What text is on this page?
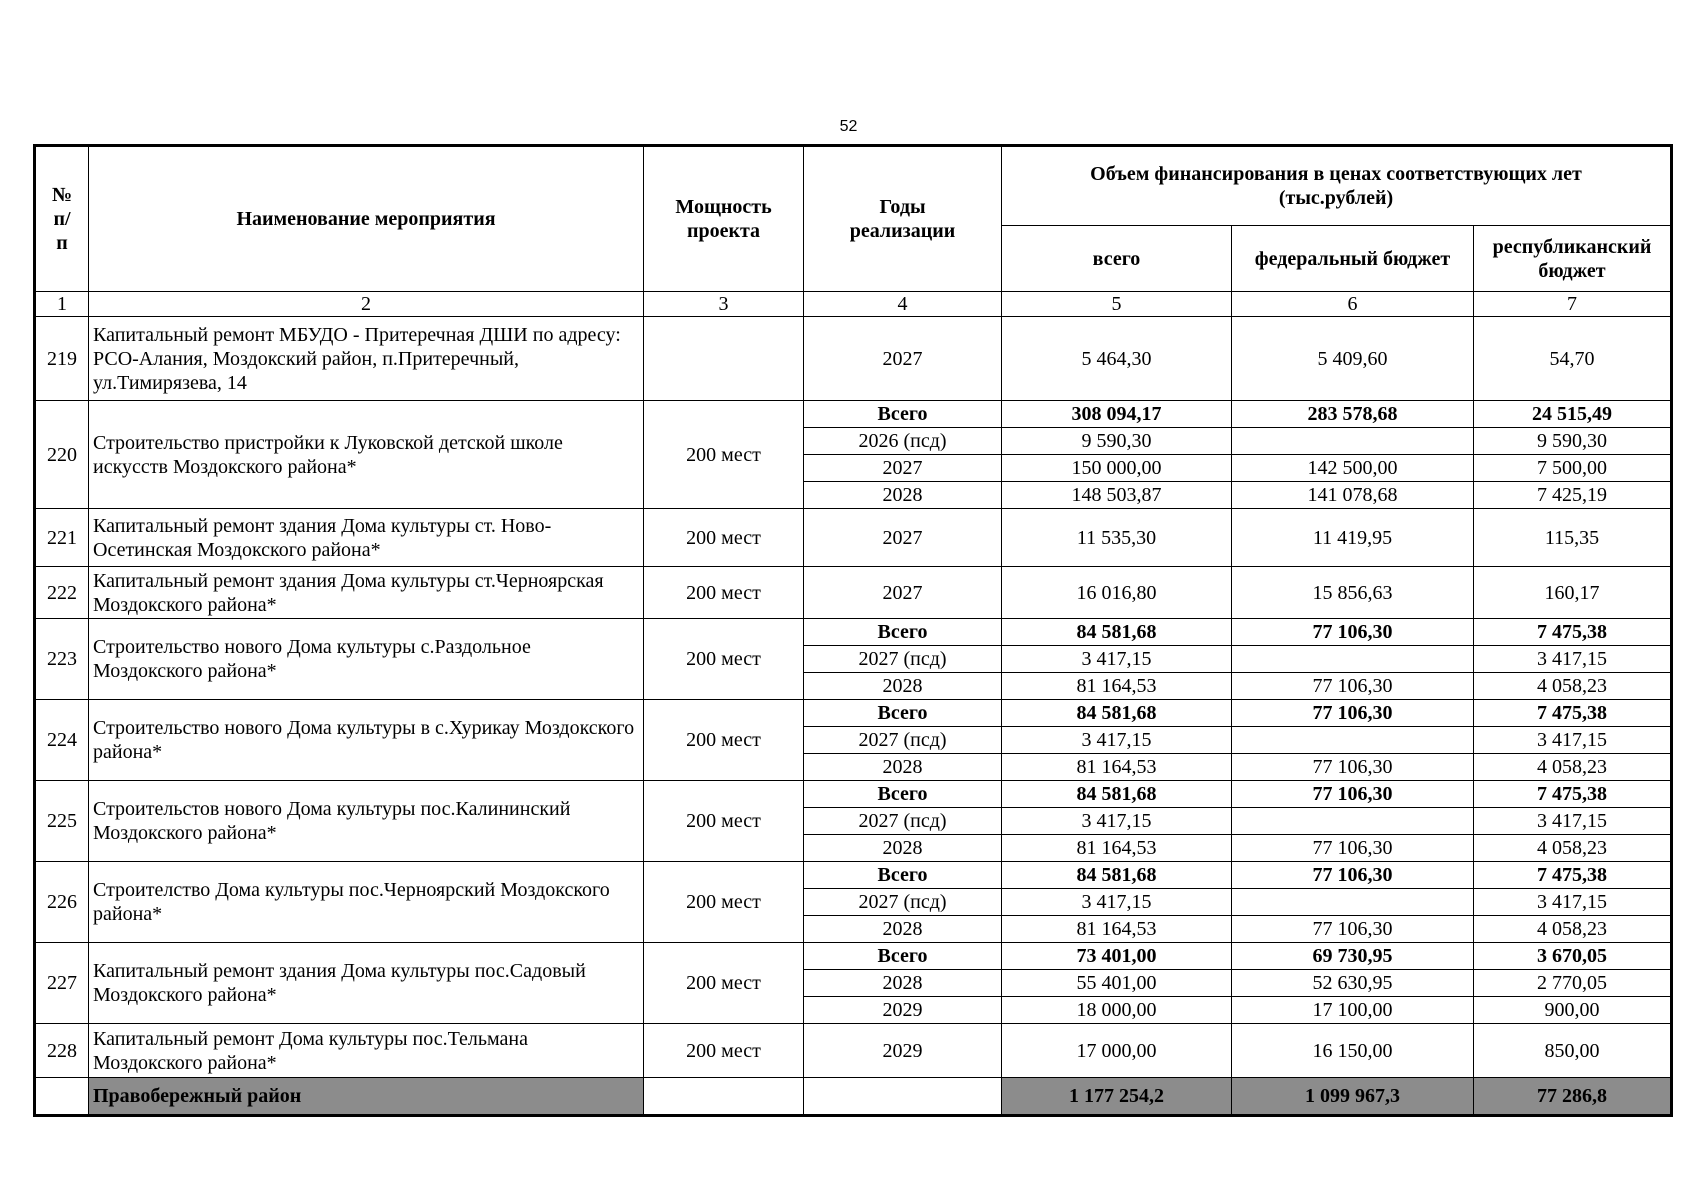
52
№ п/п	Наименование мероприятия	Мощность проекта	Годы реализации	Объем финансирования в ценах соответствующих лет (тыс.рублей)		
				всего	федеральный бюджет	республиканский бюджет
1	2	3	4	5	6	7
219	Капитальный ремонт МБУДО - Притеречная ДШИ по адресу: РСО-Алания, Моздокский район, п.Притеречный, ул.Тимирязева, 14		2027	5 464,30	5 409,60	54,70
220	Строительство пристройки к Луковской детской школе искусств Моздокского района*	200 мест	Всего	308 094,17	283 578,68	24 515,49
			2026 (псд)	9 590,30		9 590,30
			2027	150 000,00	142 500,00	7 500,00
			2028	148 503,87	141 078,68	7 425,19
221	Капитальный ремонт здания Дома культуры ст. Ново-Осетинская Моздокского района*	200 мест	2027	11 535,30	11 419,95	115,35
222	Капитальный ремонт здания Дома культуры ст.Черноярская Моздокского района*	200 мест	2027	16 016,80	15 856,63	160,17
223	Строительство нового Дома культуры с.Раздольное Моздокского района*	200 мест	Всего	84 581,68	77 106,30	7 475,38
			2027 (псд)	3 417,15		3 417,15
			2028	81 164,53	77 106,30	4 058,23
224	Строительство нового Дома культуры в с.Хурикау Моздокского района*	200 мест	Всего	84 581,68	77 106,30	7 475,38
			2027 (псд)	3 417,15		3 417,15
			2028	81 164,53	77 106,30	4 058,23
225	Строительстов нового Дома культуры пос.Калининский Моздокского района*	200 мест	Всего	84 581,68	77 106,30	7 475,38
			2027 (псд)	3 417,15		3 417,15
			2028	81 164,53	77 106,30	4 058,23
226	Строителство Дома культуры пос.Черноярский Моздокского района*	200 мест	Всего	84 581,68	77 106,30	7 475,38
			2027 (псд)	3 417,15		3 417,15
			2028	81 164,53	77 106,30	4 058,23
227	Капитальный ремонт здания Дома культуры пос.Садовый Моздокского района*	200 мест	Всего	73 401,00	69 730,95	3 670,05
			2028	55 401,00	52 630,95	2 770,05
			2029	18 000,00	17 100,00	900,00
228	Капитальный ремонт Дома культуры пос.Тельмана Моздокского района*	200 мест	2029	17 000,00	16 150,00	850,00
	Правобережный район			1 177 254,2	1 099 967,3	77 286,8
